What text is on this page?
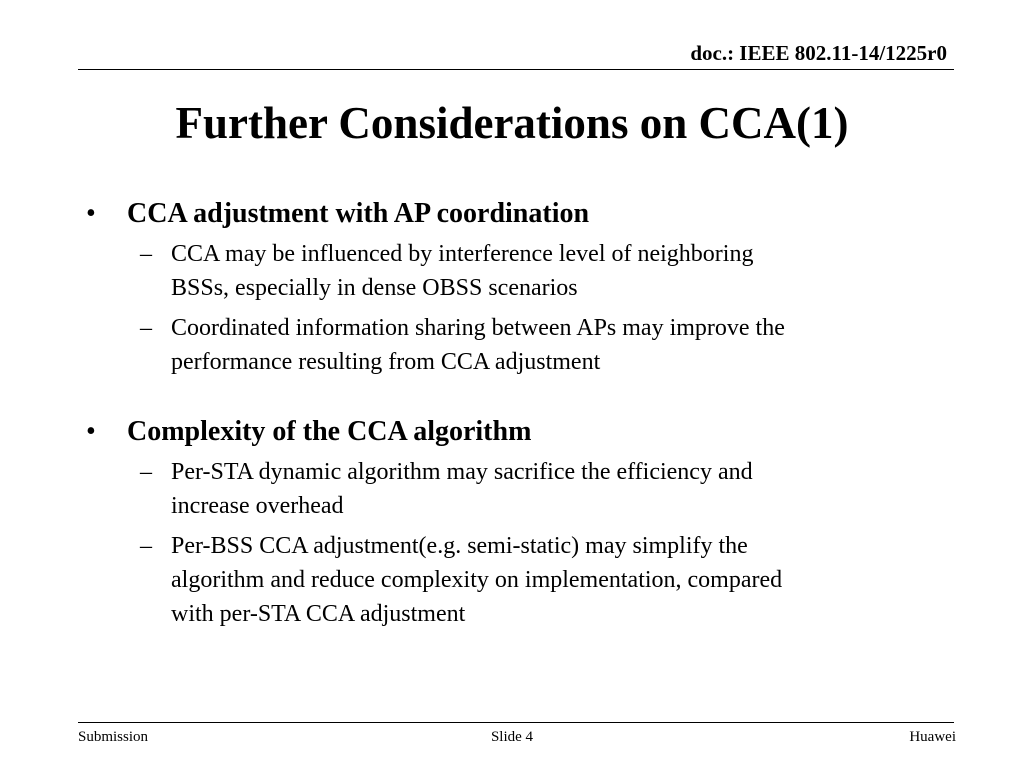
doc.: IEEE 802.11-14/1225r0
Further Considerations on CCA(1)
•	CCA adjustment with AP coordination
– CCA may be influenced by interference level of neighboring
BSSs, especially in dense OBSS scenarios
– Coordinated information sharing between APs may improve the
performance resulting from CCA adjustment
•	Complexity of the CCA algorithm
– Per-STA dynamic algorithm may sacrifice the efficiency and
increase overhead
– Per-BSS CCA adjustment(e.g. semi-static) may simplify the
algorithm and reduce complexity on implementation, compared
with per-STA CCA adjustment
Submission	Slide 4	Huawei
